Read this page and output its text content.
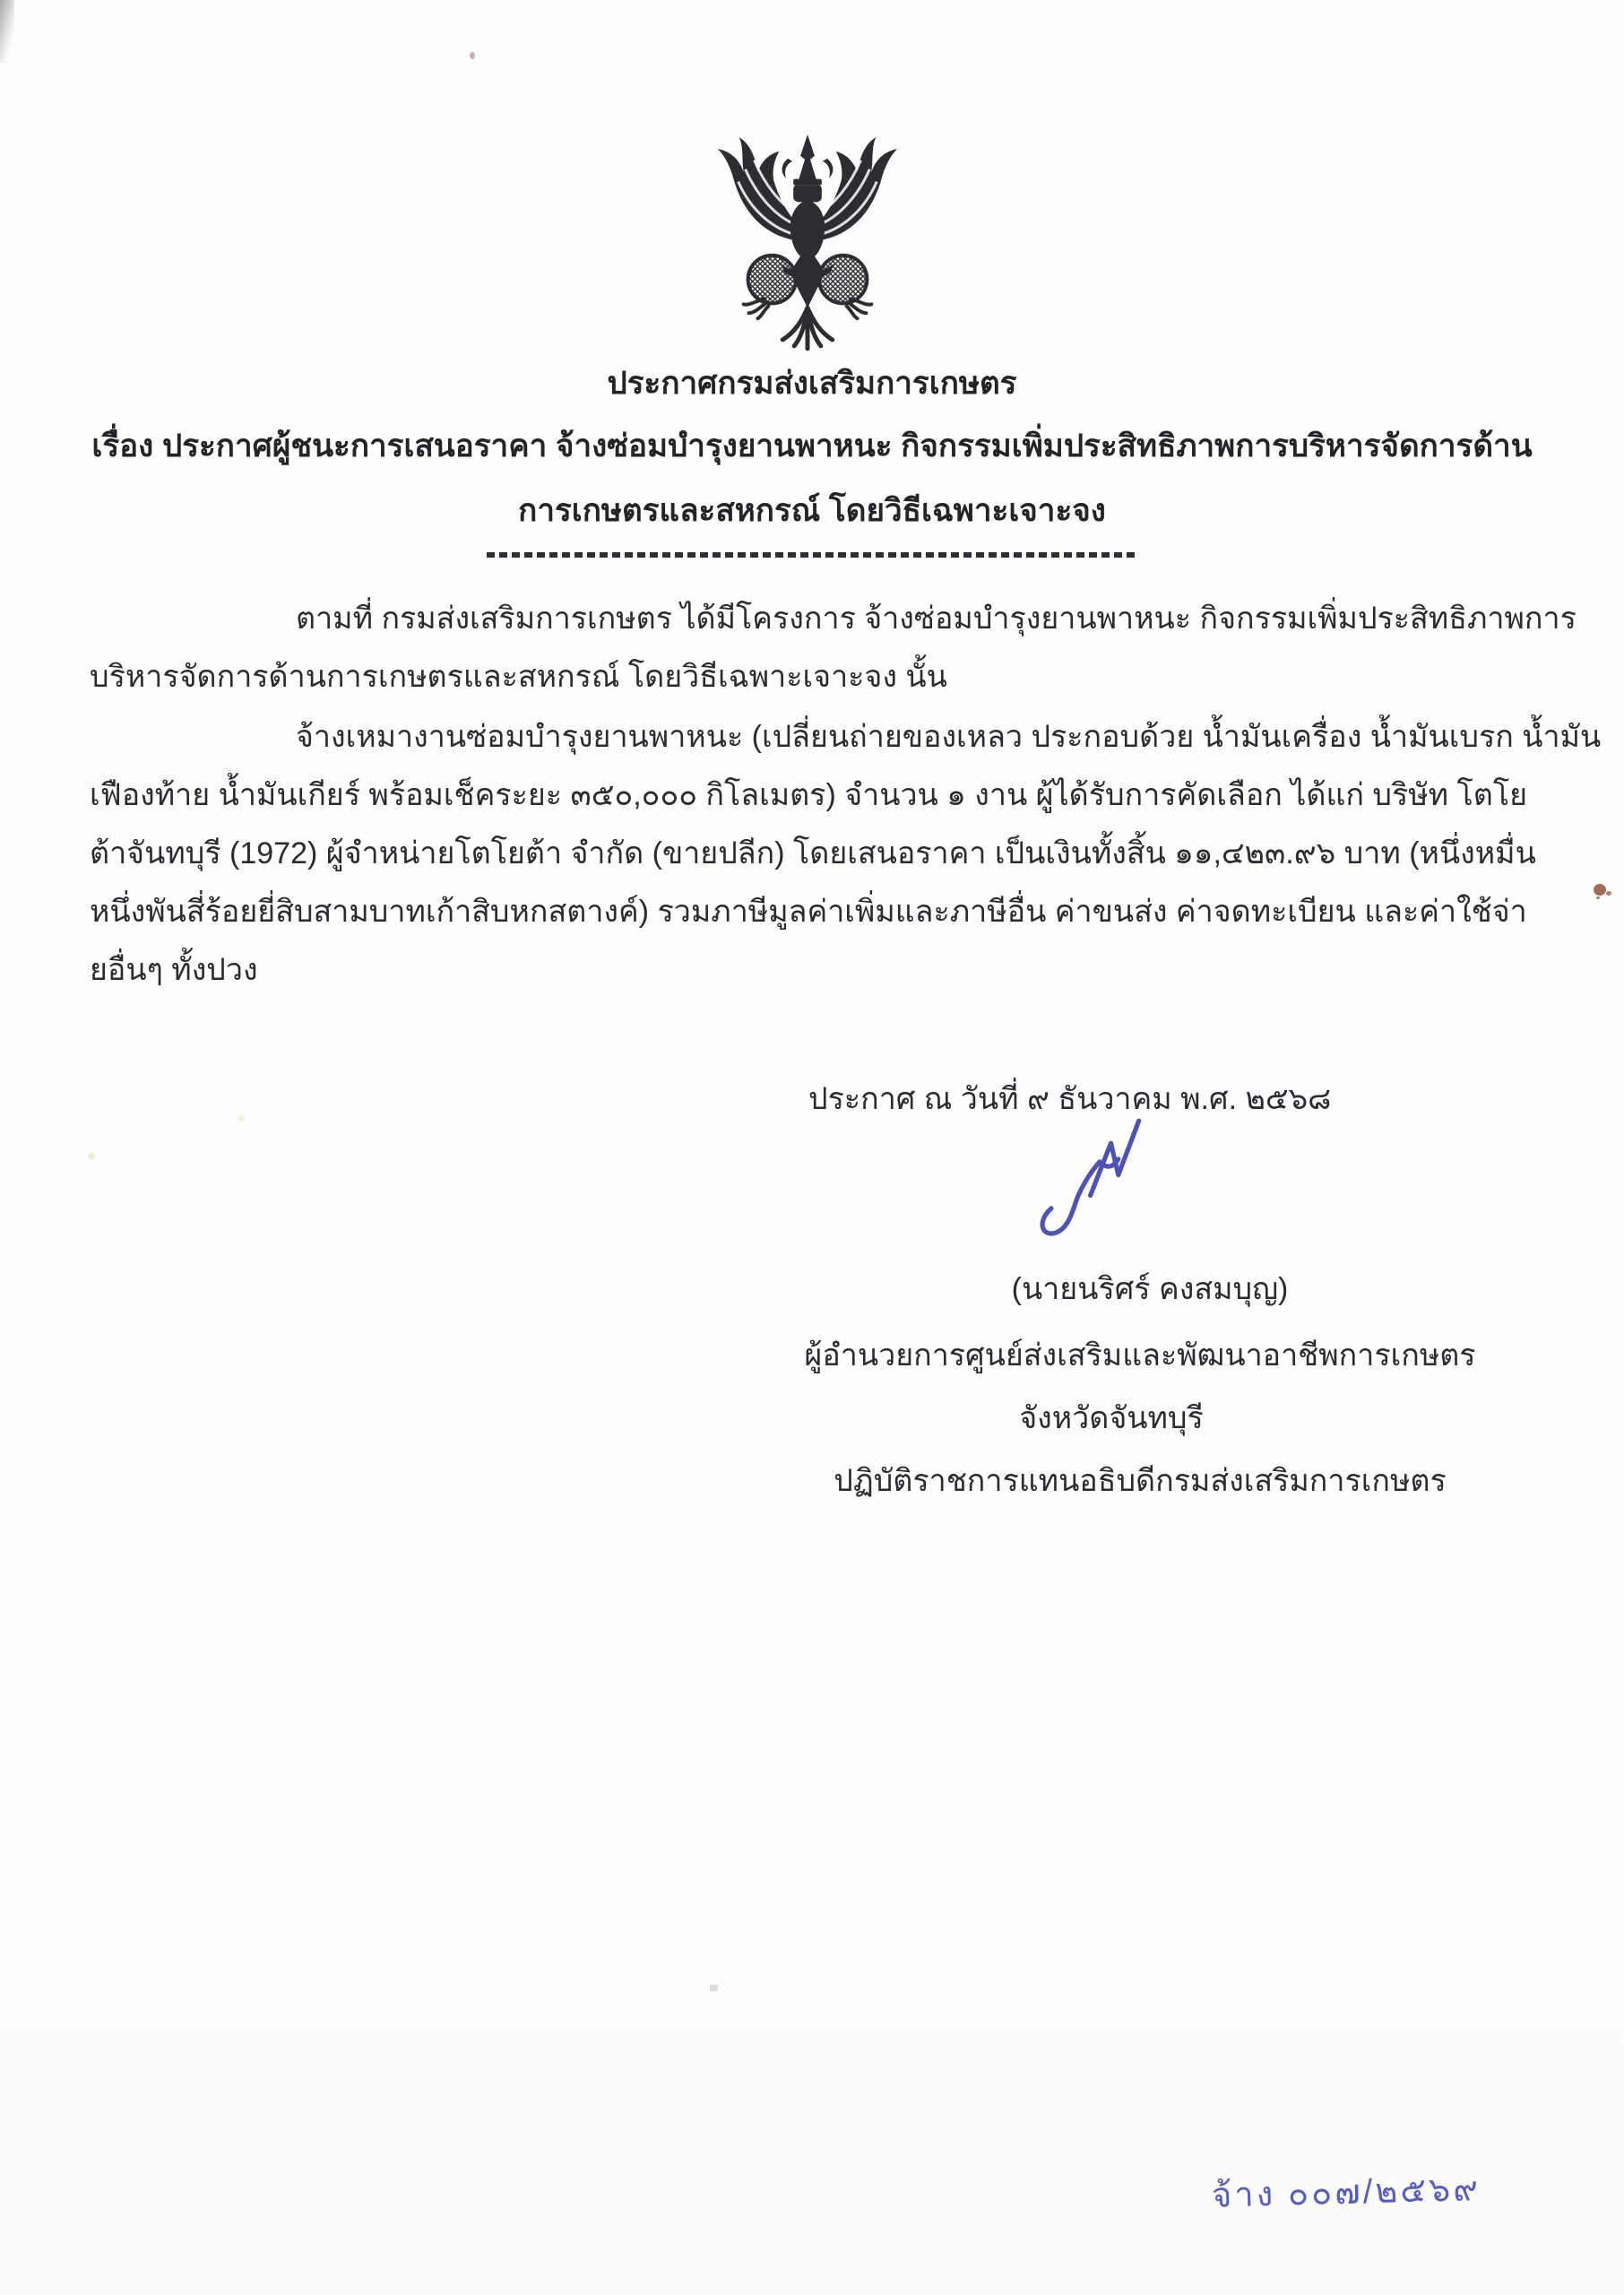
ประกาศกรมส่งเสริมการเกษตร
เรื่อง ประกาศผู้ชนะการเสนอราคา จ้างซ่อมบำรุงยานพาหนะ กิจกรรมเพิ่มประสิทธิภาพการบริหารจัดการด้าน
การเกษตรและสหกรณ์ โดยวิธีเฉพาะเจาะจง
ตามที่ กรมส่งเสริมการเกษตร ได้มีโครงการ จ้างซ่อมบำรุงยานพาหนะ กิจกรรมเพิ่มประสิทธิภาพการ
บริหารจัดการด้านการเกษตรและสหกรณ์ โดยวิธีเฉพาะเจาะจง นั้น
จ้างเหมางานซ่อมบำรุงยานพาหนะ (เปลี่ยนถ่ายของเหลว ประกอบด้วย น้ำมันเครื่อง น้ำมันเบรก น้ำมัน
เฟืองท้าย น้ำมันเกียร์ พร้อมเช็คระยะ ๓๕๐,๐๐๐ กิโลเมตร) จำนวน ๑ งาน ผู้ได้รับการคัดเลือก ได้แก่ บริษัท โตโย
ต้าจันทบุรี (1972) ผู้จำหน่ายโตโยต้า จำกัด (ขายปลีก) โดยเสนอราคา เป็นเงินทั้งสิ้น ๑๑,๔๒๓.๙๖ บาท (หนึ่งหมื่น
หนึ่งพันสี่ร้อยยี่สิบสามบาทเก้าสิบหกสตางค์) รวมภาษีมูลค่าเพิ่มและภาษีอื่น ค่าขนส่ง ค่าจดทะเบียน และค่าใช้จ่า
ยอื่นๆ ทั้งปวง
ประกาศ ณ วันที่ ๙ ธันวาคม พ.ศ. ๒๕๖๘
(นายนริศร์ คงสมบุญ)
ผู้อำนวยการศูนย์ส่งเสริมและพัฒนาอาชีพการเกษตร
จังหวัดจันทบุรี
ปฏิบัติราชการแทนอธิบดีกรมส่งเสริมการเกษตร
จ้าง ๐๐๗/๒๕๖๙
